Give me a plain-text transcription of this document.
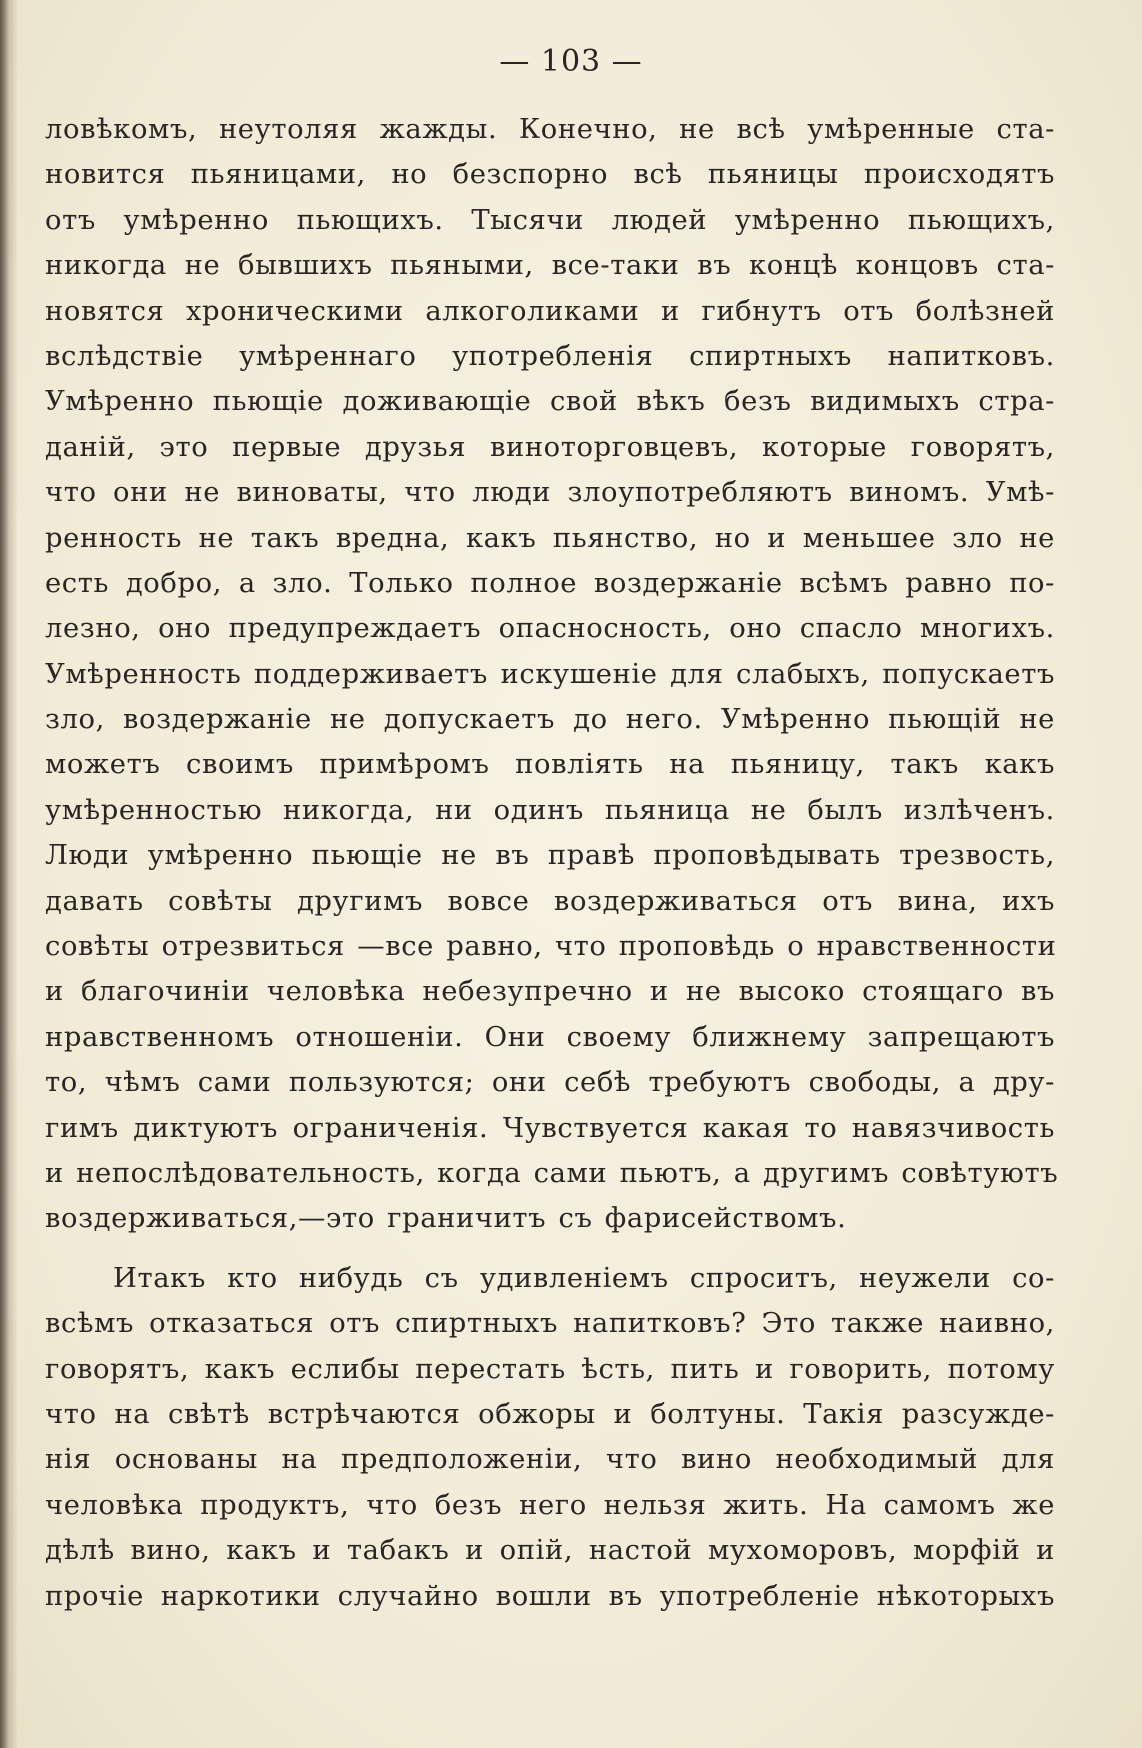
— 103 —
ловѣкомъ, неутоляя жажды. Конечно, не всѣ умѣренные ста-
новится пьяницами, но безспорно всѣ пьяницы происходятъ
отъ умѣренно пьющихъ. Тысячи людей умѣренно пьющихъ,
никогда не бывшихъ пьяными, все-таки въ концѣ концовъ ста-
новятся хроническими алкоголиками и гибнутъ отъ болѣзней
вслѣдствіе умѣреннаго употребленія спиртныхъ напитковъ.
Умѣренно пьющіе доживающіе свой вѣкъ безъ видимыхъ стра-
даній, это первые друзья виноторговцевъ, которые говорятъ,
что они не виноваты, что люди злоупотребляютъ виномъ. Умѣ-
ренность не такъ вредна, какъ пьянство, но и меньшее зло не
есть добро, а зло. Только полное воздержаніе всѣмъ равно по-
лезно, оно предупреждаетъ опасносность, оно спасло многихъ.
Умѣренность поддерживаетъ искушеніе для слабыхъ, попускаетъ
зло, воздержаніе не допускаетъ до него. Умѣренно пьющій не
можетъ своимъ примѣромъ повліять на пьяницу, такъ какъ
умѣренностью никогда, ни одинъ пьяница не былъ излѣченъ.
Люди умѣренно пьющіе не въ правѣ проповѣдывать трезвость,
давать совѣты другимъ вовсе воздерживаться отъ вина, ихъ
совѣты отрезвиться —все равно, что проповѣдь о нравственности
и благочиніи человѣка небезупречно и не высоко стоящаго въ
нравственномъ отношеніи. Они своему ближнему запрещаютъ
то, чѣмъ сами пользуются; они себѣ требуютъ свободы, а дру-
гимъ диктуютъ ограниченія. Чувствуется какая то навязчивость
и непослѣдовательность, когда сами пьютъ, а другимъ совѣтуютъ
воздерживаться,—это граничитъ съ фарисействомъ.
Итакъ кто нибудь съ удивленіемъ спроситъ, неужели со-
всѣмъ отказаться отъ спиртныхъ напитковъ? Это также наивно,
говорятъ, какъ еслибы перестать ѣсть, пить и говорить, потому
что на свѣтѣ встрѣчаются обжоры и болтуны. Такія разсужде-
нія основаны на предположеніи, что вино необходимый для
человѣка продуктъ, что безъ него нельзя жить. На самомъ же
дѣлѣ вино, какъ и табакъ и опій, настой мухоморовъ, морфій и
прочіе наркотики случайно вошли въ употребленіе нѣкоторыхъ
